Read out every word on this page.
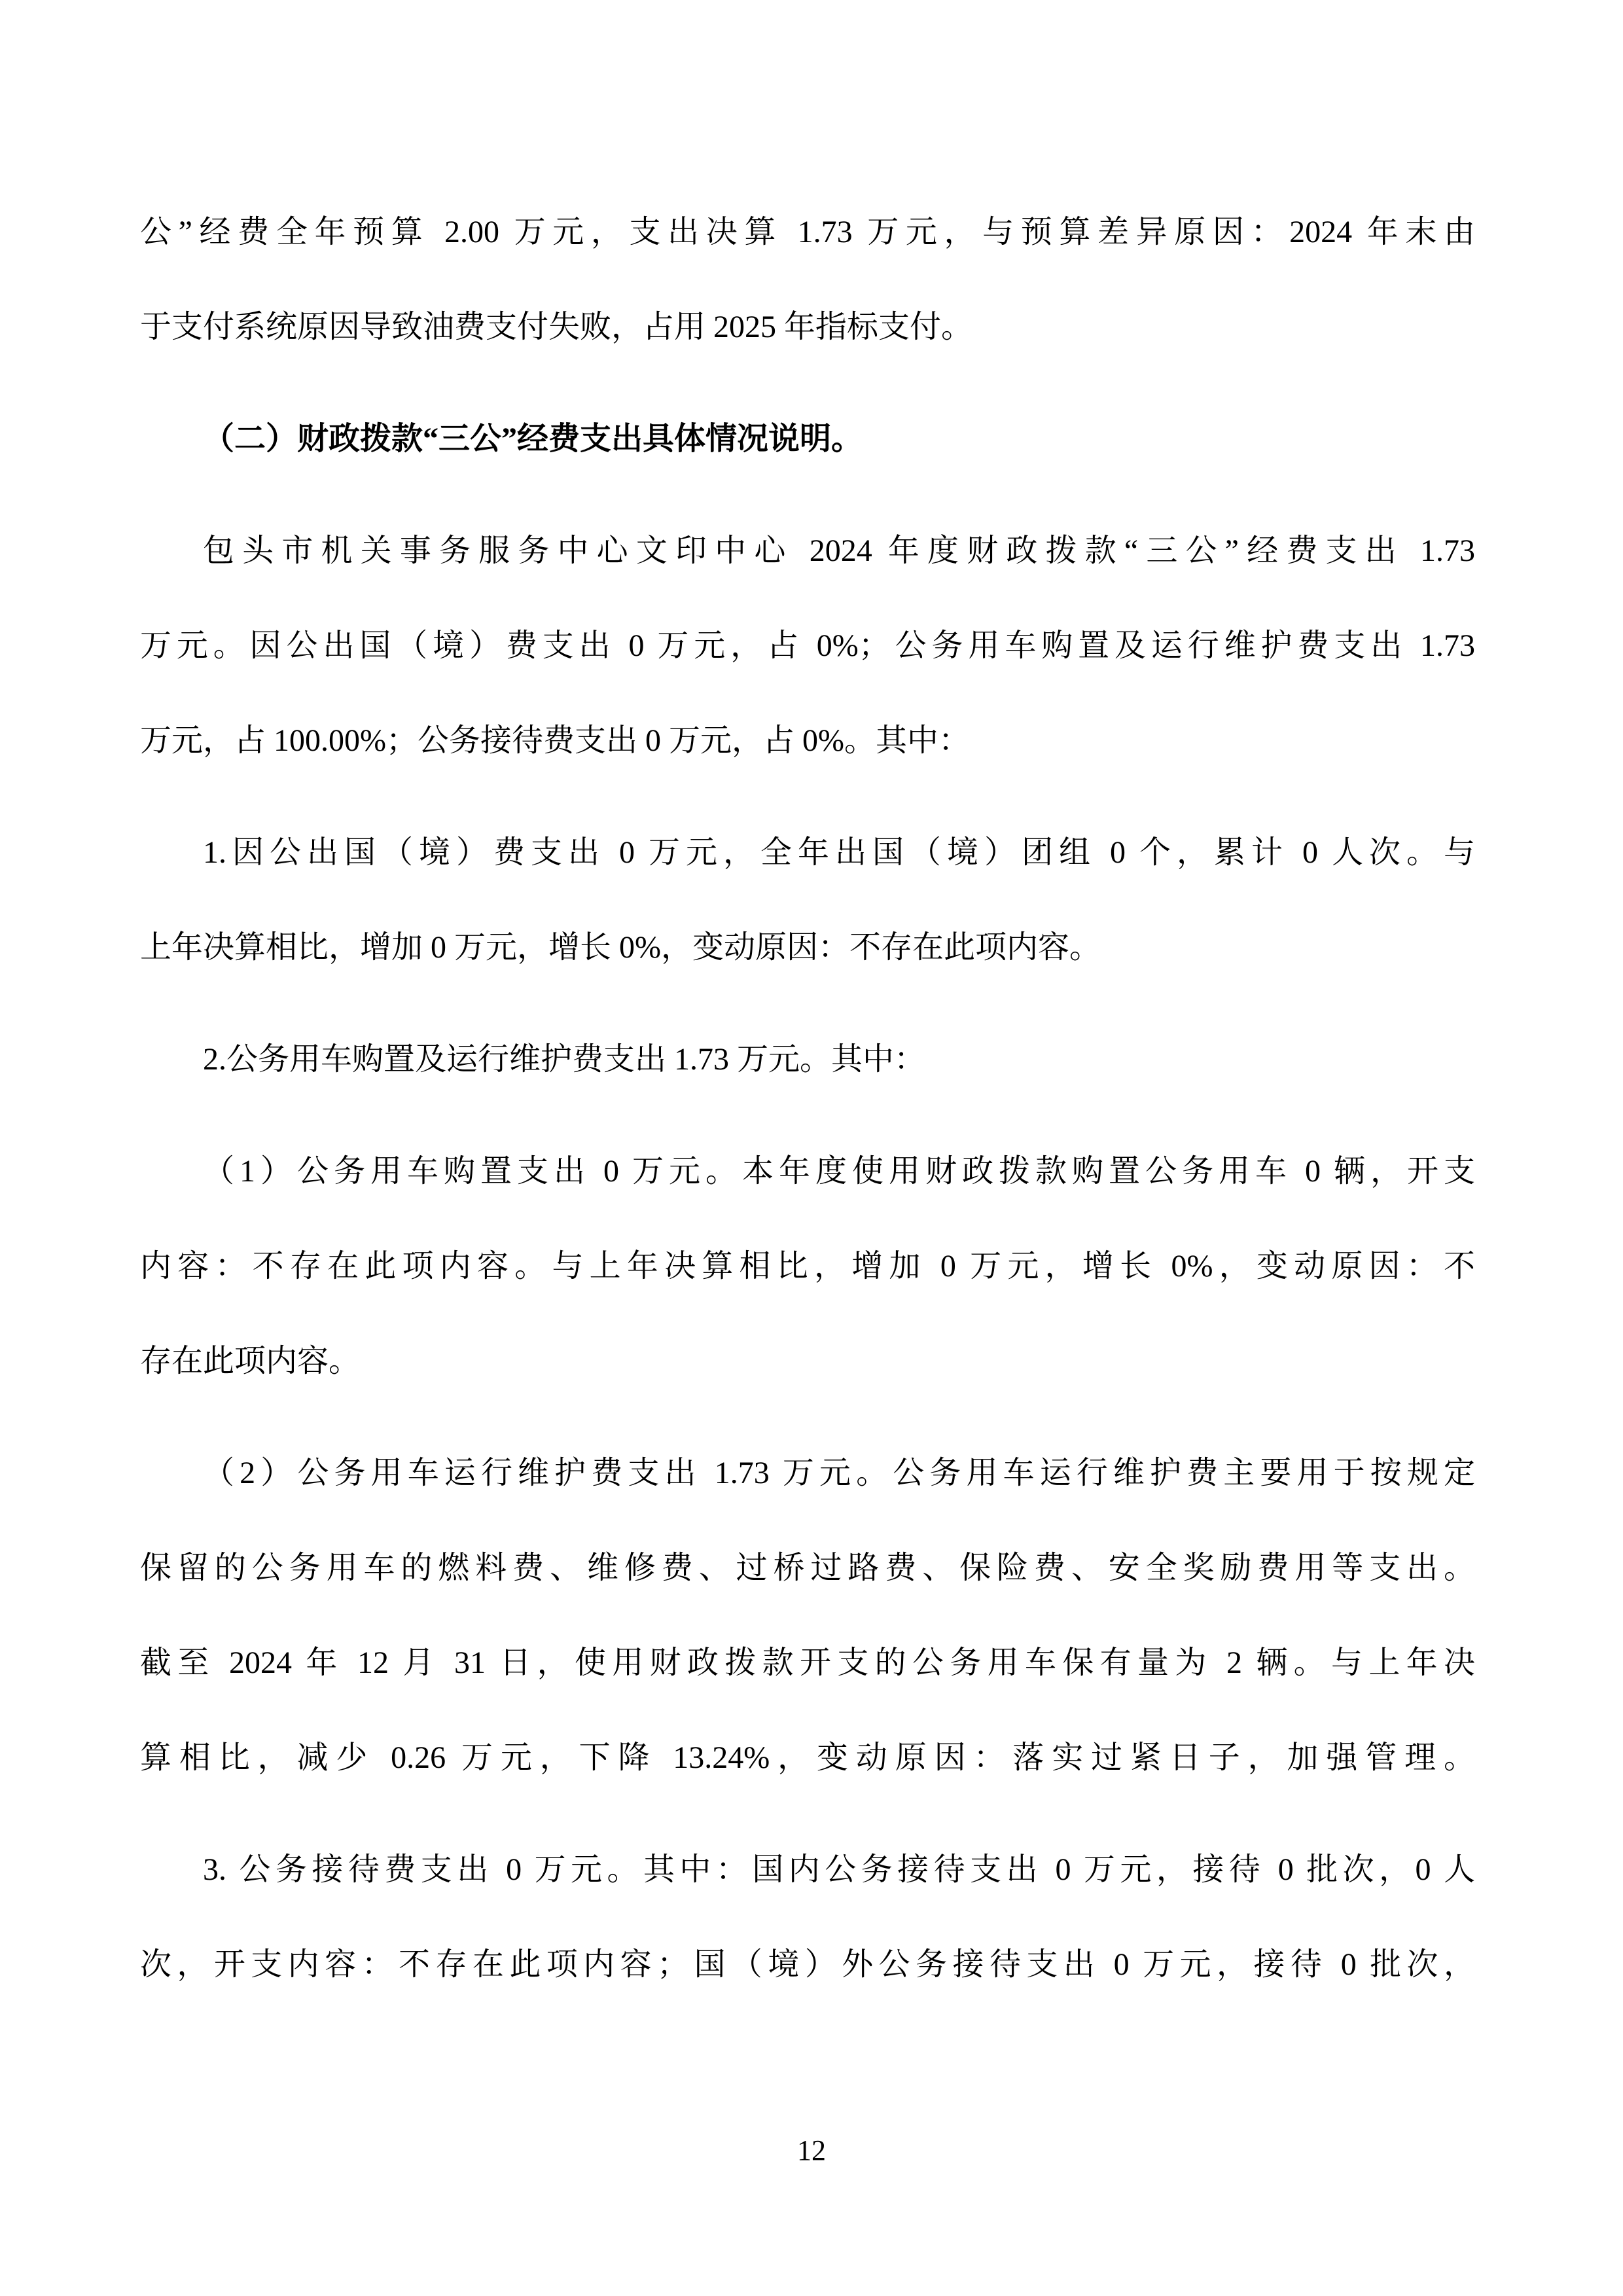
公”经费全年预算 2.00 万元，支出决算 1.73 万元，与预算差异原因：2024 年末由
于支付系统原因导致油费支付失败，占用 2025 年指标支付。
（二）财政拨款“三公”经费支出具体情况说明。
包头市机关事务服务中心文印中心 2024 年度财政拨款“三公”经费支出 1.73
万元。因公出国（境）费支出 0 万元，占 0%；公务用车购置及运行维护费支出 1.73
万元，占 100.00%；公务接待费支出 0 万元，占 0%。其中：
1.因公出国（境）费支出 0 万元，全年出国（境）团组 0 个，累计 0 人次。与
上年决算相比，增加 0 万元，增长 0%，变动原因：不存在此项内容。
2.公务用车购置及运行维护费支出 1.73 万元。其中：
（1）公务用车购置支出 0 万元。本年度使用财政拨款购置公务用车 0 辆，开支
内容：不存在此项内容。与上年决算相比，增加 0 万元，增长 0%，变动原因：不
存在此项内容。
（2）公务用车运行维护费支出 1.73 万元。公务用车运行维护费主要用于按规定
保留的公务用车的燃料费、维修费、过桥过路费、保险费、安全奖励费用等支出。
截至 2024 年 12 月 31 日，使用财政拨款开支的公务用车保有量为 2 辆。与上年决
算相比，减少 0.26 万元，下降 13.24%，变动原因：落实过紧日子，加强管理。
3. 公务接待费支出 0 万元。其中：国内公务接待支出 0 万元，接待 0 批次，0 人
次，开支内容：不存在此项内容；国（境）外公务接待支出 0 万元，接待 0 批次，
12
